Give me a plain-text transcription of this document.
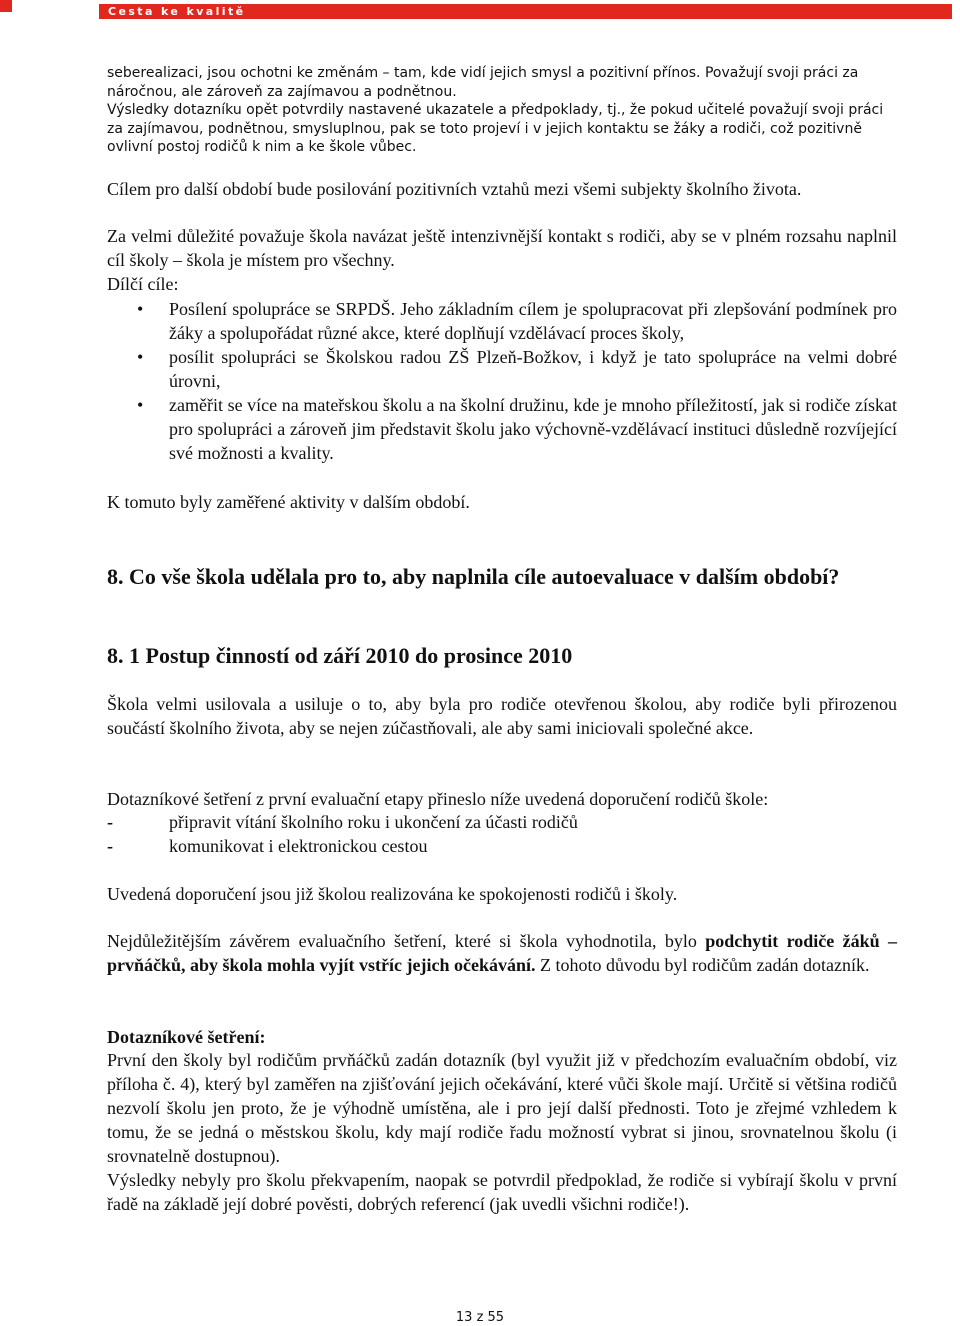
Cesta ke kvalitě

seberealizaci, jsou ochotni ke změnám – tam, kde vidí jejich smysl a pozitivní přínos. Považují svoji práci za náročnou, ale zároveň za zajímavou a podnětnou.

Výsledky dotazníku opět potvrdily nastavené ukazatele a předpoklady, tj., že pokud učitelé považují svoji práci za zajímavou, podnětnou, smysluplnou, pak se toto projeví i v jejich kontaktu se žáky a rodiči, což pozitivně ovlivní postoj rodičů k nim a ke škole vůbec.

Cílem pro další období bude posilování pozitivních vztahů mezi všemi subjekty školního života.

Za velmi důležité považuje škola navázat ještě intenzivnější kontakt s rodiči, aby se v plném rozsahu naplnil cíl školy – škola je místem pro všechny.

Dílčí cíle:

•	Posílení spolupráce se SRPDŠ. Jeho základním cílem je spolupracovat při zlepšování podmínek pro žáky a spolupořádat různé akce, které doplňují vzdělávací proces školy,
•	posílit spolupráci se Školskou radou ZŠ Plzeň-Božkov, i když je tato spolupráce na velmi dobré úrovni,
•	zaměřit se více na mateřskou školu a na školní družinu, kde je mnoho příležitostí, jak si rodiče získat pro spolupráci a zároveň jim představit školu jako výchovně-vzdělávací instituci důsledně rozvíjející své možnosti a kvality.

K tomuto byly zaměřené aktivity v dalším období.

8. Co vše škola udělala pro to, aby naplnila cíle autoevaluace v dalším období?
8. 1 Postup činností od září 2010 do prosince 2010

Škola velmi usilovala a usiluje o to, aby byla pro rodiče otevřenou školou, aby rodiče byli přirozenou součástí školního života, aby se nejen zúčastňovali, ale aby sami iniciovali společné akce.

Dotazníkové šetření z první evaluační etapy přineslo níže uvedená doporučení rodičů škole:

-	připravit vítání školního roku i ukončení za účasti rodičů
-	komunikovat i elektronickou cestou

Uvedená doporučení jsou již školou realizována ke spokojenosti rodičů i školy.

Nejdůležitějším závěrem evaluačního šetření, které si škola vyhodnotila, bylo podchytit rodiče žáků – prvňáčků, aby škola mohla vyjít vstříc jejich očekávání. Z tohoto důvodu byl rodičům zadán dotazník.

Dotazníkové šetření:

První den školy byl rodičům prvňáčků zadán dotazník (byl využit již v předchozím evaluačním období, viz příloha č. 4), který byl zaměřen na zjišťování jejich očekávání, které vůči škole mají. Určitě si většina rodičů nezvolí školu jen proto, že je výhodně umístěna, ale i pro její další přednosti. Toto je zřejmé vzhledem k tomu, že se jedná o městskou školu, kdy mají rodiče řadu možností vybrat si jinou, srovnatelnou školu (i srovnatelně dostupnou).

Výsledky nebyly pro školu překvapením, naopak se potvrdil předpoklad, že rodiče si vybírají školu v první řadě na základě její dobré pověsti, dobrých referencí (jak uvedli všichni rodiče!).

13 z 55
